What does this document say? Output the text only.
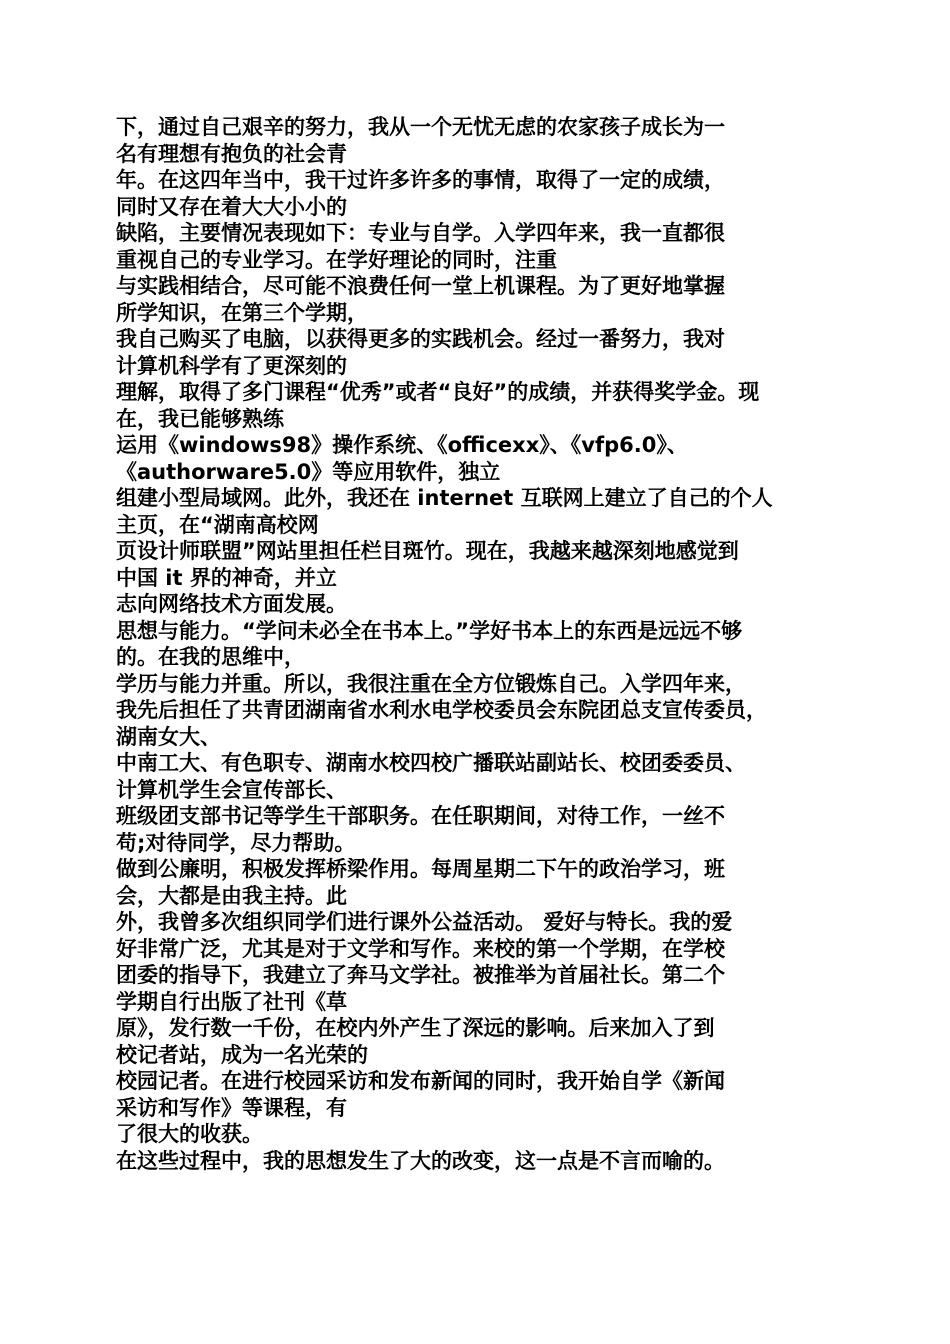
下，通过自己艰辛的努力，我从一个无忧无虑的农家孩子成长为一
名有理想有抱负的社会青
年。在这四年当中，我干过许多许多的事情，取得了一定的成绩，
同时又存在着大大小小的
缺陷，主要情况表现如下：专业与自学。入学四年来，我一直都很
重视自己的专业学习。在学好理论的同时，注重
与实践相结合，尽可能不浪费任何一堂上机课程。为了更好地掌握
所学知识，在第三个学期，
我自己购买了电脑，以获得更多的实践机会。经过一番努力，我对
计算机科学有了更深刻的
理解，取得了多门课程“优秀”或者“良好”的成绩，并获得奖学金。现
在，我已能够熟练
运用《windows98》操作系统、《officexx》、《vfp6.0》、
《authorware5.0》等应用软件，独立
组建小型局域网。此外，我还在 internet 互联网上建立了自己的个人
主页，在“湖南高校网
页设计师联盟”网站里担任栏目斑竹。现在，我越来越深刻地感觉到
中国 it 界的神奇，并立
志向网络技术方面发展。
思想与能力。“学问未必全在书本上。”学好书本上的东西是远远不够
的。在我的思维中，
学历与能力并重。所以，我很注重在全方位锻炼自己。入学四年来，
我先后担任了共青团湖南省水利水电学校委员会东院团总支宣传委员，
湖南女大、
中南工大、有色职专、湖南水校四校广播联站副站长、校团委委员、
计算机学生会宣传部长、
班级团支部书记等学生干部职务。在任职期间，对待工作，一丝不
苟;对待同学，尽力帮助。
做到公廉明，积极发挥桥梁作用。每周星期二下午的政治学习，班
会，大都是由我主持。此
外，我曾多次组织同学们进行课外公益活动。 爱好与特长。我的爱
好非常广泛，尤其是对于文学和写作。来校的第一个学期，在学校
团委的指导下，我建立了奔马文学社。被推举为首届社长。第二个
学期自行出版了社刊《草
原》，发行数一千份，在校内外产生了深远的影响。后来加入了到
校记者站，成为一名光荣的
校园记者。在进行校园采访和发布新闻的同时，我开始自学《新闻
采访和写作》等课程，有
了很大的收获。
在这些过程中，我的思想发生了大的改变，这一点是不言而喻的。
